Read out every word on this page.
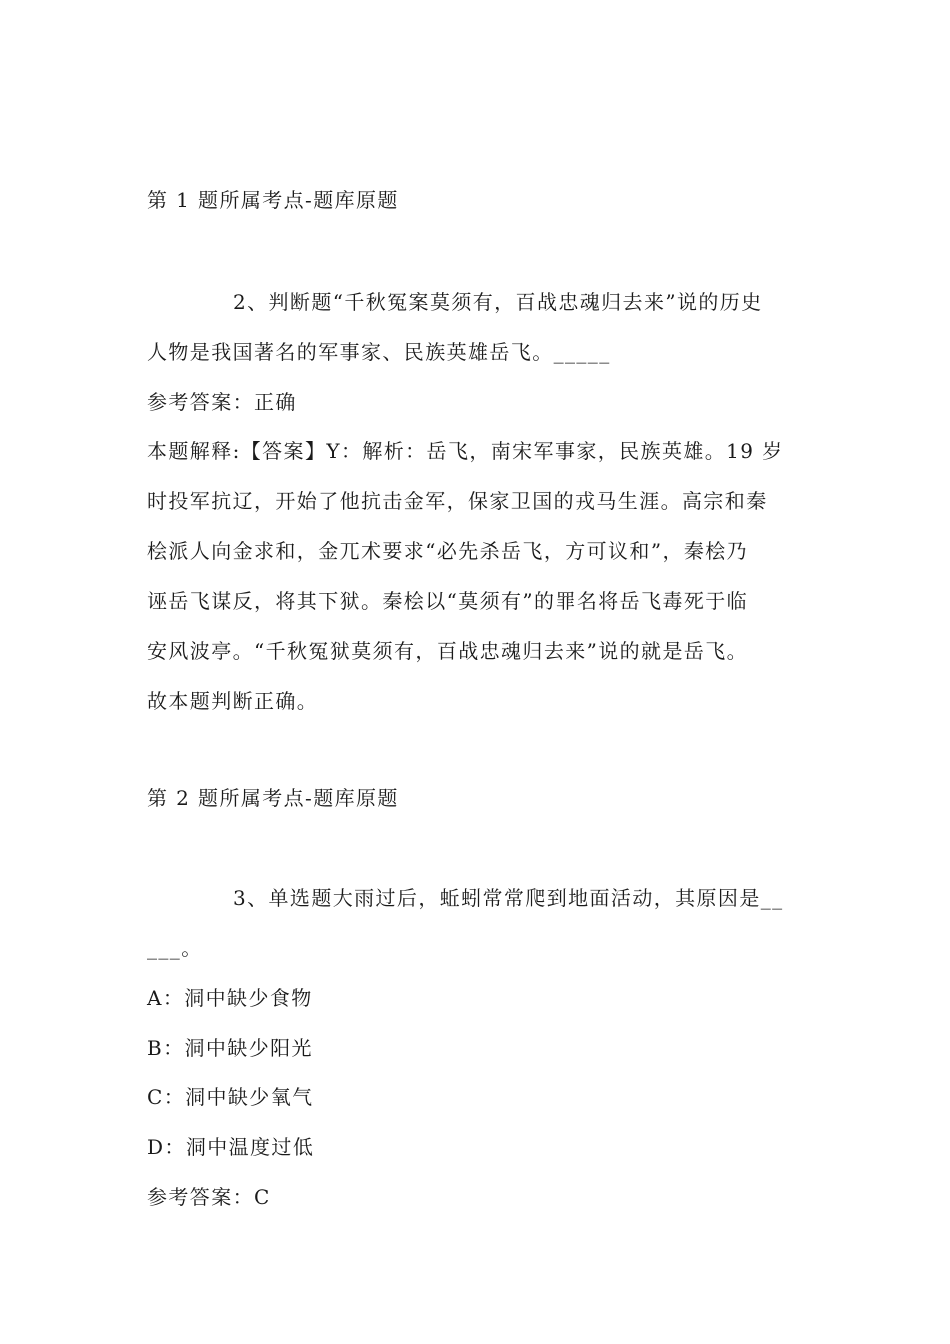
第 1 题所属考点-题库原题
2、判断题“千秋冤案莫须有，百战忠魂归去来”说的历史
人物是我国著名的军事家、民族英雄岳飞。_____
参考答案：正确
本题解释:【答案】Y：解析：岳飞，南宋军事家，民族英雄。19 岁
时投军抗辽，开始了他抗击金军，保家卫国的戎马生涯。高宗和秦
桧派人向金求和，金兀术要求“必先杀岳飞，方可议和”，秦桧乃
诬岳飞谋反，将其下狱。秦桧以“莫须有”的罪名将岳飞毒死于临
安风波亭。“千秋冤狱莫须有，百战忠魂归去来”说的就是岳飞。
故本题判断正确。
第 2 题所属考点-题库原题
3、单选题大雨过后，蚯蚓常常爬到地面活动，其原因是__
___。
A：洞中缺少食物
B：洞中缺少阳光
C：洞中缺少氧气
D：洞中温度过低
参考答案：C
